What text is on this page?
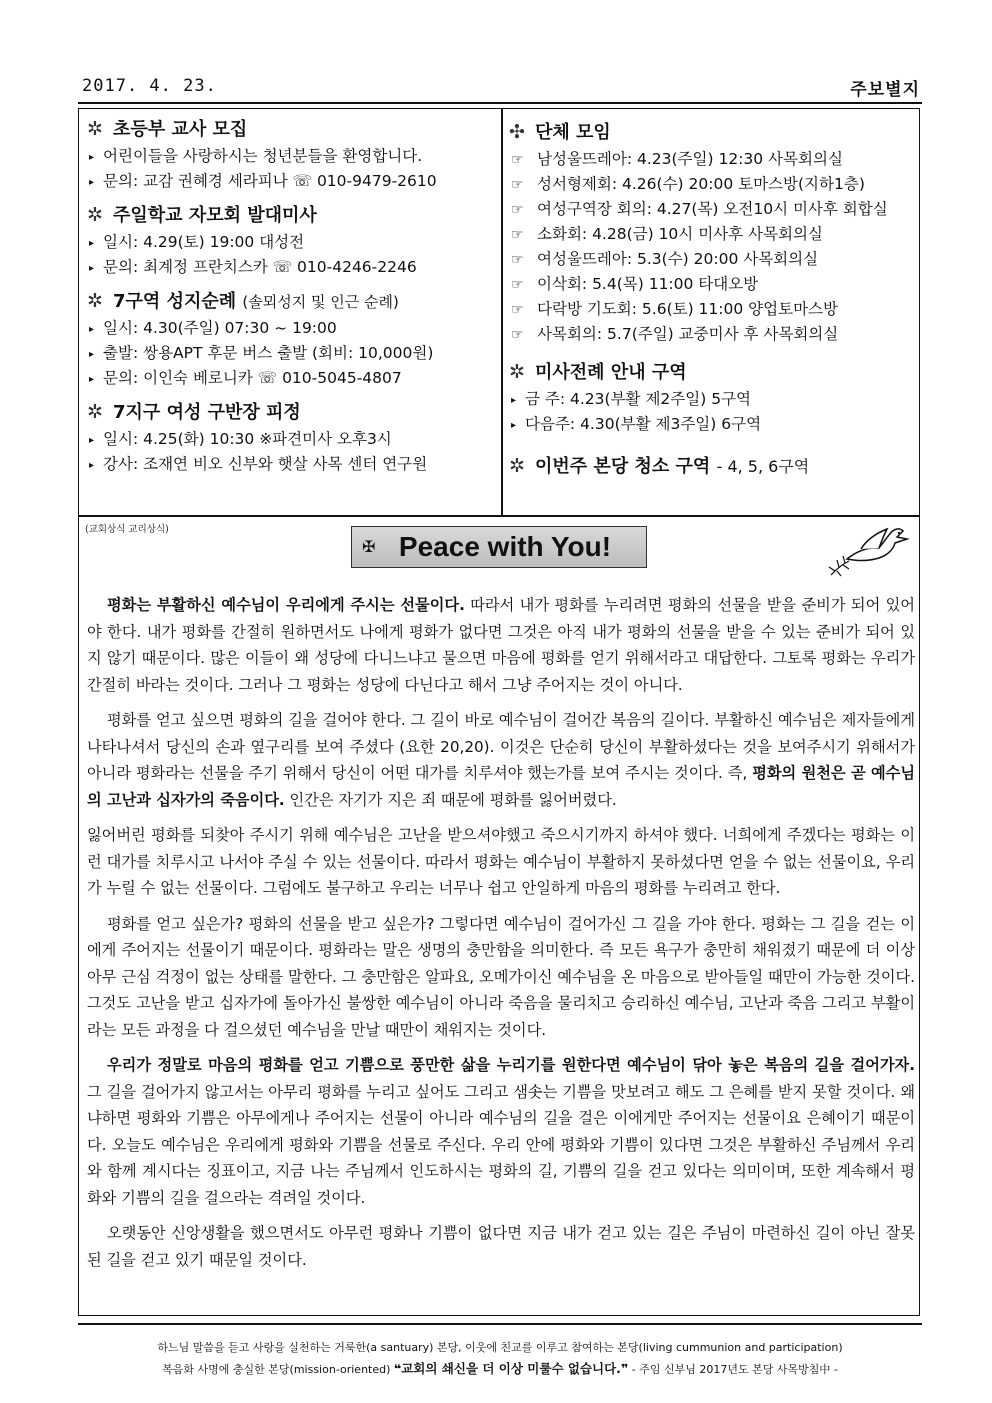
2017. 4. 23.	주보별지
✲ 초등부 교사 모집
▸ 어린이들을 사랑하시는 청년분들을 환영합니다.
▸ 문의: 교감 권혜경 세라피나 ☏ 010-9479-2610
✲ 주일학교 자모회 발대미사
▸ 일시: 4.29(토) 19:00 대성전
▸ 문의: 최계정 프란치스카 ☏ 010-4246-2246
✲ 7구역 성지순례 (솔뫼성지 및 인근 순례)
▸ 일시: 4.30(주일) 07:30 ~ 19:00
▸ 출발: 쌍용APT 후문 버스 출발 (회비: 10,000원)
▸ 문의: 이인숙 베로니카 ☏ 010-5045-4807
✲ 7지구 여성 구반장 피정
▸ 일시: 4.25(화) 10:30 ※파견미사 오후3시
▸ 강사: 조재연 비오 신부와 햇살 사목 센터 연구원
✣ 단체 모임
☞ 남성울뜨레아: 4.23(주일) 12:30 사목회의실
☞ 성서형제회: 4.26(수) 20:00 토마스방(지하1층)
☞ 여성구역장 회의: 4.27(목) 오전10시 미사후 회합실
☞ 소화회: 4.28(금) 10시 미사후 사목회의실
☞ 여성울뜨레아: 5.3(수) 20:00 사목회의실
☞ 이삭회: 5.4(목) 11:00 타대오방
☞ 다락방 기도회: 5.6(토) 11:00 양업토마스방
☞ 사목회의: 5.7(주일) 교중미사 후 사목회의실
✲ 미사전례 안내 구역
▸ 금 주: 4.23(부활 제2주일) 5구역
▸ 다음주: 4.30(부활 제3주일) 6구역
✲ 이번주 본당 청소 구역 - 4, 5, 6구역
(교회상식 교리상식)
✠ Peace with You!

평화는 부활하신 예수님이 우리에게 주시는 선물이다. 따라서 내가 평화를 누리려면 평화의 선물을 받을 준비가 되어 있어야 한다. 내가 평화를 간절히 원하면서도 나에게 평화가 없다면 그것은 아직 내가 평화의 선물을 받을 수 있는 준비가 되어 있지 않기 때문이다. 많은 이들이 왜 성당에 다니느냐고 물으면 마음에 평화를 얻기 위해서라고 대답한다. 그토록 평화는 우리가 간절히 바라는 것이다. 그러나 그 평화는 성당에 다닌다고 해서 그냥 주어지는 것이 아니다.

평화를 얻고 싶으면 평화의 길을 걸어야 한다. 그 길이 바로 예수님이 걸어간 복음의 길이다. 부활하신 예수님은 제자들에게 나타나셔서 당신의 손과 옆구리를 보여 주셨다 (요한 20,20). 이것은 단순히 당신이 부활하셨다는 것을 보여주시기 위해서가 아니라 평화라는 선물을 주기 위해서 당신이 어떤 대가를 치루셔야 했는가를 보여 주시는 것이다. 즉, 평화의 원천은 곧 예수님의 고난과 십자가의 죽음이다. 인간은 자기가 지은 죄 때문에 평화를 잃어버렸다.

잃어버린 평화를 되찾아 주시기 위해 예수님은 고난을 받으셔야했고 죽으시기까지 하셔야 했다. 너희에게 주겠다는 평화는 이런 대가를 치루시고 나서야 주실 수 있는 선물이다. 따라서 평화는 예수님이 부활하지 못하셨다면 얻을 수 없는 선물이요, 우리가 누릴 수 없는 선물이다. 그럼에도 불구하고 우리는 너무나 쉽고 안일하게 마음의 평화를 누리려고 한다.

평화를 얻고 싶은가? 평화의 선물을 받고 싶은가? 그렇다면 예수님이 걸어가신 그 길을 가야 한다. 평화는 그 길을 걷는 이에게 주어지는 선물이기 때문이다. 평화라는 말은 생명의 충만함을 의미한다. 즉 모든 욕구가 충만히 채워졌기 때문에 더 이상 아무 근심 걱정이 없는 상태를 말한다. 그 충만함은 알파요, 오메가이신 예수님을 온 마음으로 받아들일 때만이 가능한 것이다. 그것도 고난을 받고 십자가에 돌아가신 불쌍한 예수님이 아니라 죽음을 물리치고 승리하신 예수님, 고난과 죽음 그리고 부활이라는 모든 과정을 다 걸으셨던 예수님을 만날 때만이 채워지는 것이다.

우리가 정말로 마음의 평화를 얻고 기쁨으로 풍만한 삶을 누리기를 원한다면 예수님이 닦아 놓은 복음의 길을 걸어가자. 그 길을 걸어가지 않고서는 아무리 평화를 누리고 싶어도 그리고 샘솟는 기쁨을 맛보려고 해도 그 은혜를 받지 못할 것이다. 왜냐하면 평화와 기쁨은 아무에게나 주어지는 선물이 아니라 예수님의 길을 걸은 이에게만 주어지는 선물이요 은혜이기 때문이다. 오늘도 예수님은 우리에게 평화와 기쁨을 선물로 주신다. 우리 안에 평화와 기쁨이 있다면 그것은 부활하신 주님께서 우리와 함께 계시다는 징표이고, 지금 나는 주님께서 인도하시는 평화의 길, 기쁨의 길을 걷고 있다는 의미이며, 또한 계속해서 평화와 기쁨의 길을 걸으라는 격려일 것이다.

오랫동안 신앙생활을 했으면서도 아무런 평화나 기쁨이 없다면 지금 내가 걷고 있는 길은 주님이 마련하신 길이 아닌 잘못된 길을 걷고 있기 때문일 것이다.

하느님 말씀을 듣고 사랑을 실천하는 거룩한(a santuary) 본당, 이웃에 친교를 이루고 참여하는 본당(living cummunion and participation)
복음화 사명에 충실한 본당(mission-oriented) ❝교회의 쇄신을 더 이상 미룰수 없습니다.❞ - 주임 신부님 2017년도 본당 사목방침中 -
